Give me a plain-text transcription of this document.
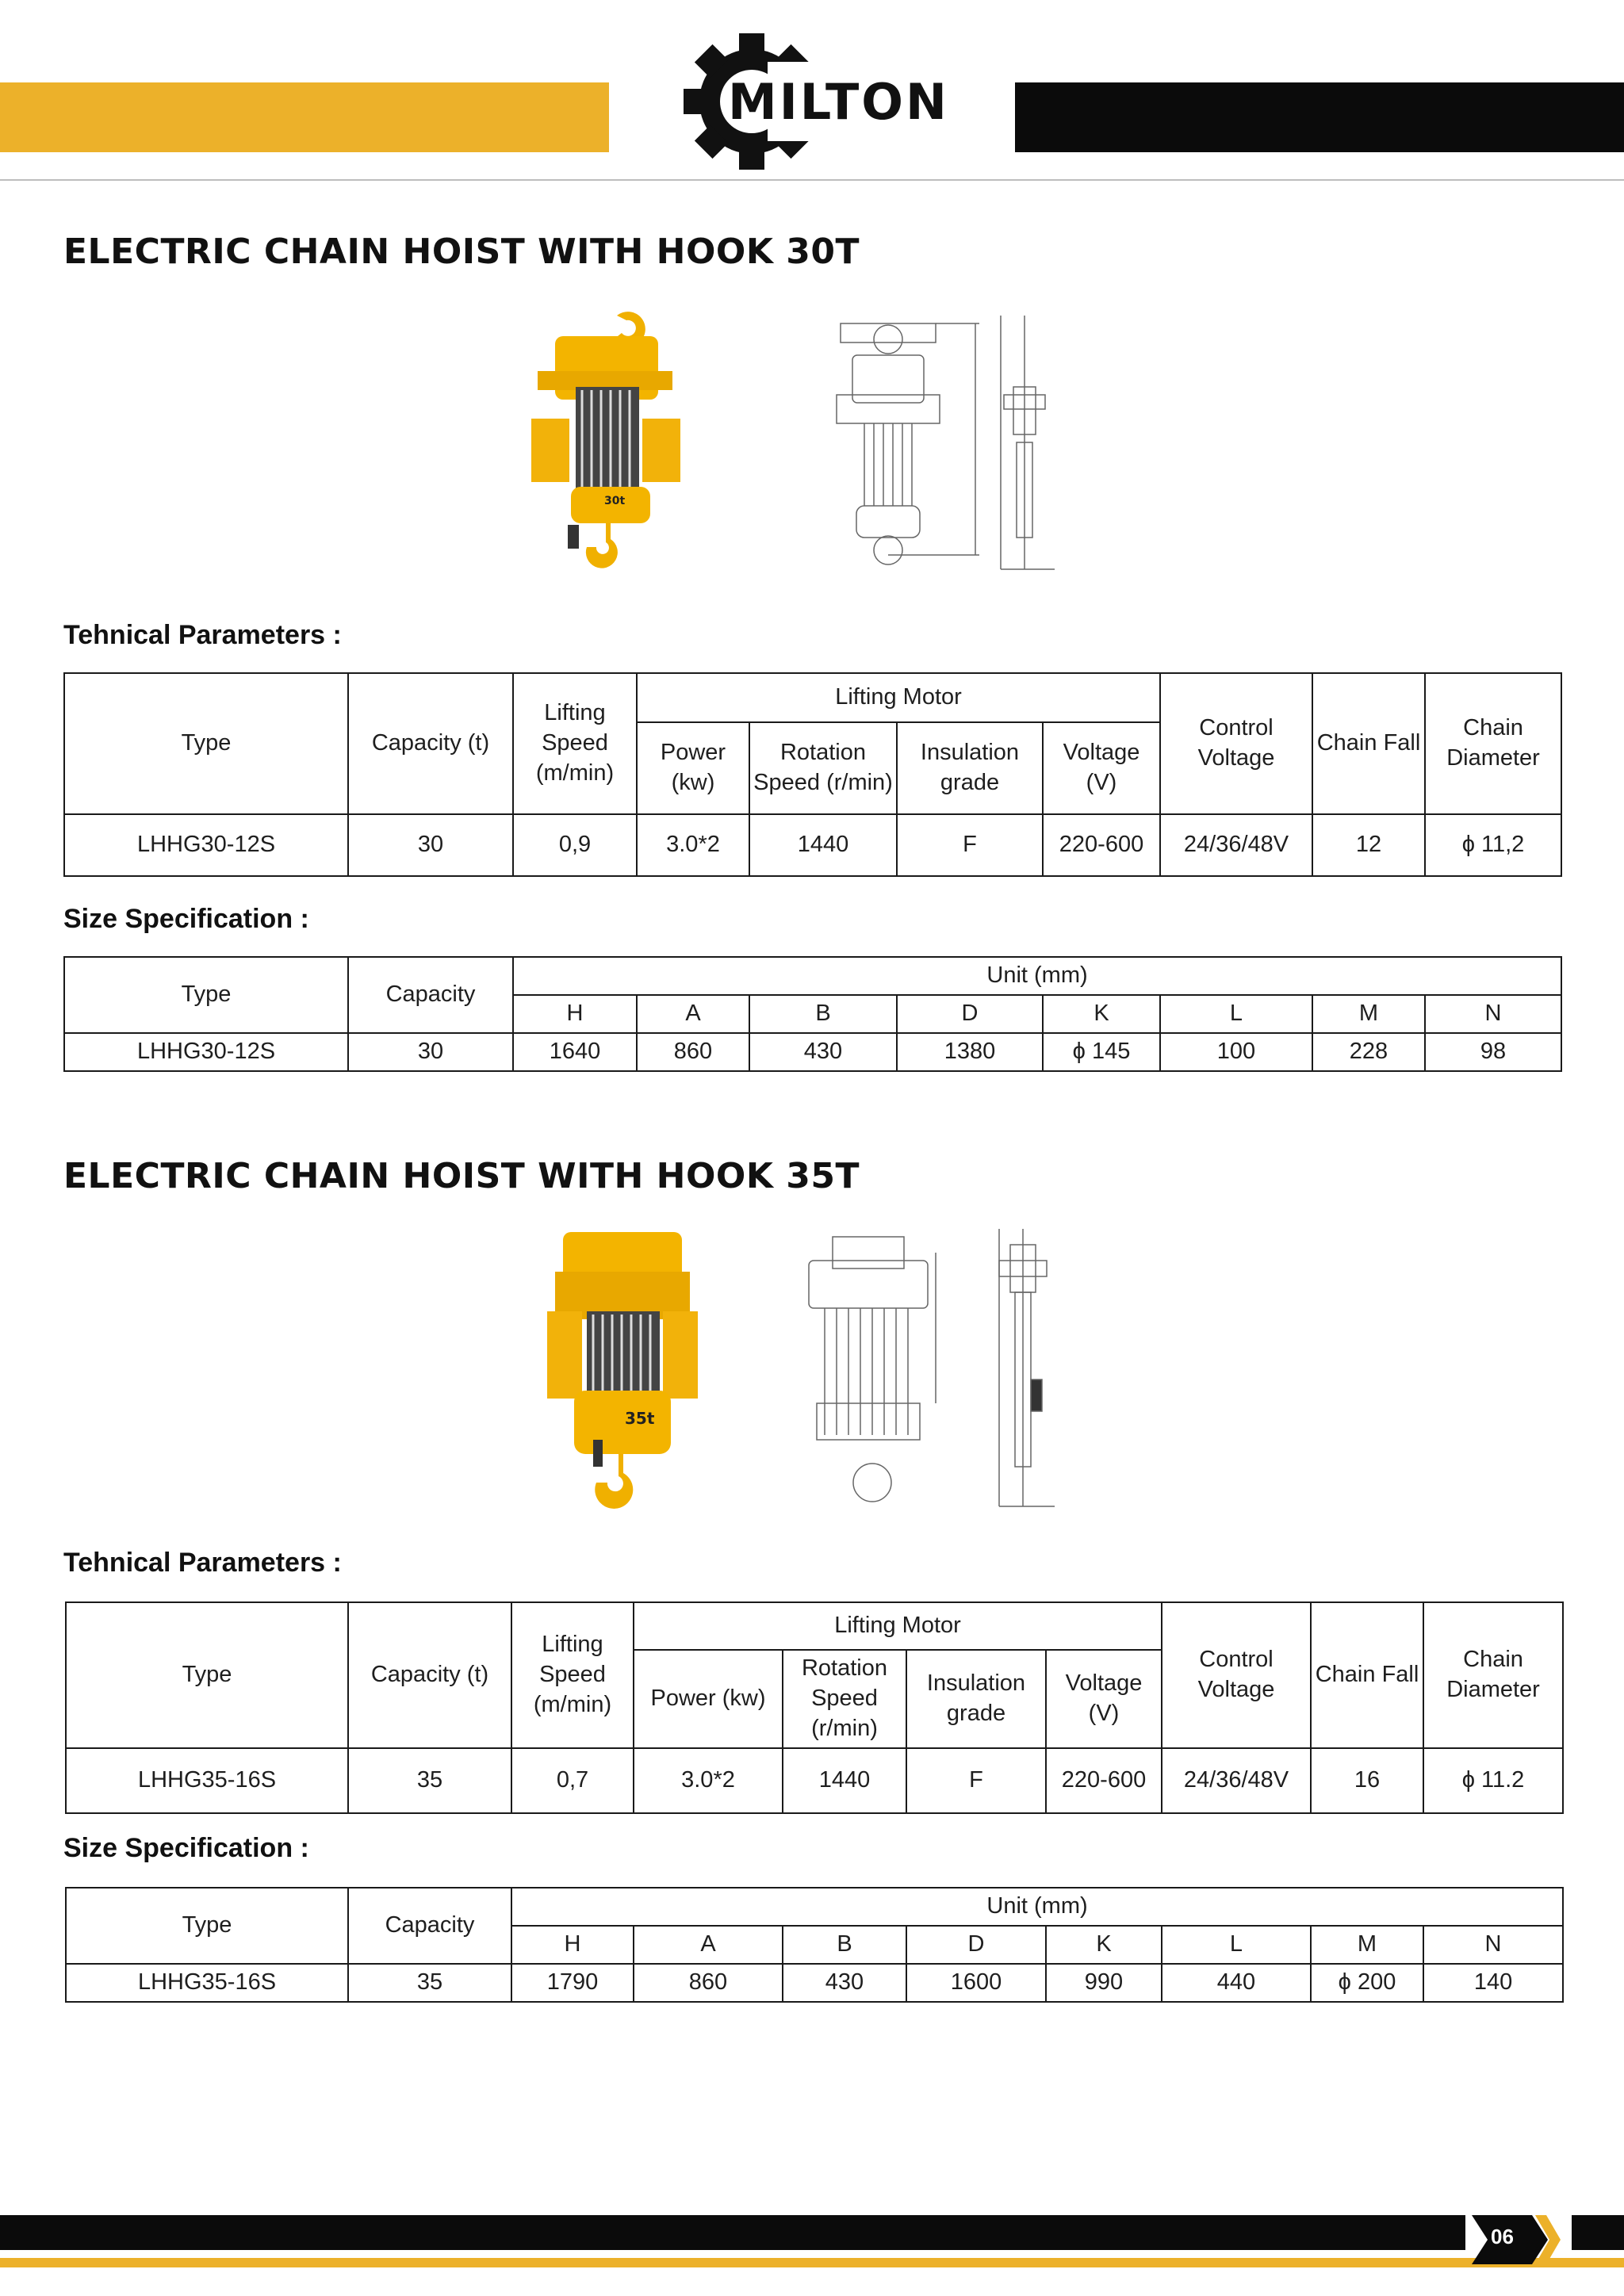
MILTON
ELECTRIC CHAIN HOIST WITH HOOK 30T
30t
Tehnical Parameters :
Type	Capacity (t)	Lifting Speed (m/min)	Lifting Motor				Control Voltage	Chain Fall	Chain Diameter
			Power (kw)	Rotation Speed (r/min)	Insulation grade	Voltage (V)			
LHHG30-12S	30	0,9	3.0*2	1440	F	220-600	24/36/48V	12	ϕ 11,2
Size Specification :
Type	Capacity	Unit (mm)							
		H	A	B	D	K	L	M	N
LHHG30-12S	30	1640	860	430	1380	ϕ 145	100	228	98
ELECTRIC CHAIN HOIST WITH HOOK 35T
35t
Tehnical Parameters :
Type	Capacity (t)	Lifting Speed (m/min)	Lifting Motor				Control Voltage	Chain Fall	Chain Diameter
			Power (kw)	Rotation Speed (r/min)	Insulation grade	Voltage (V)			
LHHG35-16S	35	0,7	3.0*2	1440	F	220-600	24/36/48V	16	ϕ 11.2
Size Specification :
Type	Capacity	Unit (mm)							
		H	A	B	D	K	L	M	N
LHHG35-16S	35	1790	860	430	1600	990	440	ϕ 200	140
06
